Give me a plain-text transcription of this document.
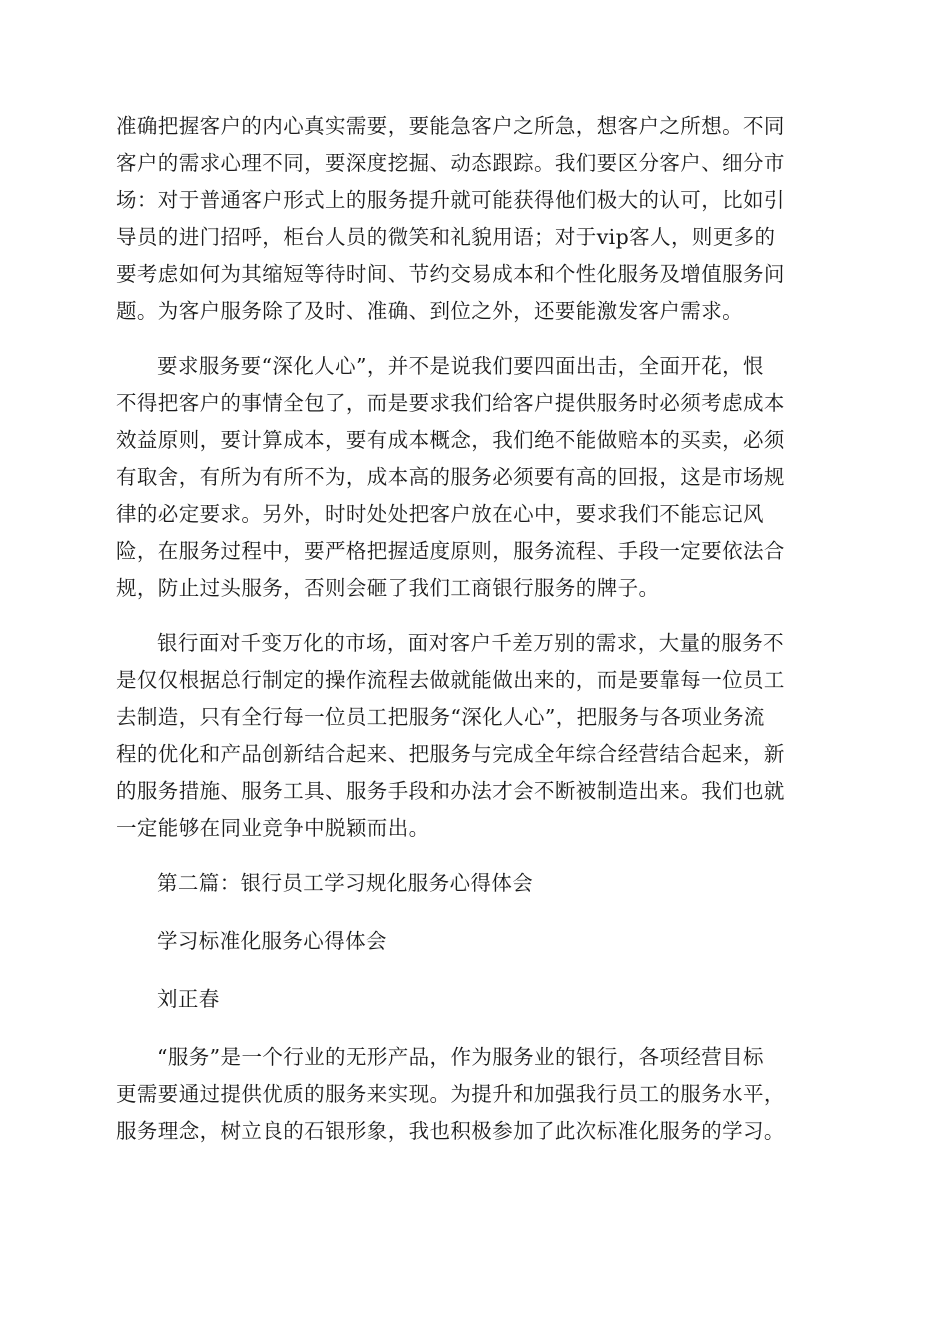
准确把握客户的内心真实需要，要能急客户之所急，想客户之所想。不同
客户的需求心理不同，要深度挖掘、动态跟踪。我们要区分客户、细分市
场：对于普通客户形式上的服务提升就可能获得他们极大的认可，比如引
导员的进门招呼，柜台人员的微笑和礼貌用语；对于vip客人，则更多的
要考虑如何为其缩短等待时间、节约交易成本和个性化服务及增值服务问
题。为客户服务除了及时、准确、到位之外，还要能激发客户需求。
要求服务要“深化人心”，并不是说我们要四面出击，全面开花，恨
不得把客户的事情全包了，而是要求我们给客户提供服务时必须考虑成本
效益原则，要计算成本，要有成本概念，我们绝不能做赔本的买卖，必须
有取舍，有所为有所不为，成本高的服务必须要有高的回报，这是市场规
律的必定要求。另外，时时处处把客户放在心中，要求我们不能忘记风
险，在服务过程中，要严格把握适度原则，服务流程、手段一定要依法合
规，防止过头服务，否则会砸了我们工商银行服务的牌子。
银行面对千变万化的市场，面对客户千差万别的需求，大量的服务不
是仅仅根据总行制定的操作流程去做就能做出来的，而是要靠每一位员工
去制造，只有全行每一位员工把服务“深化人心”，把服务与各项业务流
程的优化和产品创新结合起来、把服务与完成全年综合经营结合起来，新
的服务措施、服务工具、服务手段和办法才会不断被制造出来。我们也就
一定能够在同业竞争中脱颖而出。
第二篇：银行员工学习规化服务心得体会
学习标准化服务心得体会
刘正春
“服务”是一个行业的无形产品，作为服务业的银行，各项经营目标
更需要通过提供优质的服务来实现。为提升和加强我行员工的服务水平，
服务理念，树立良的石银形象，我也积极参加了此次标准化服务的学习。
